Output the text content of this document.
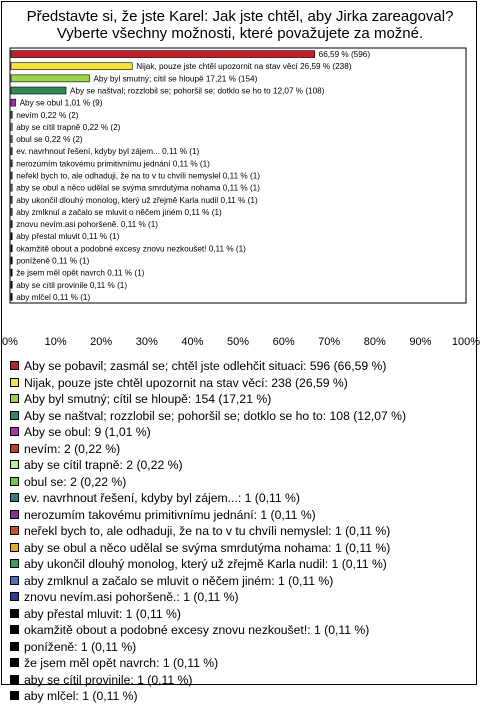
Představte si, že jste Karel: Jak jste chtěl, aby Jirka zareagoval?
Vyberte všechny možnosti, které považujete za možné.
66,59 % (596)
Nijak, pouze jste chtěl upozornit na stav věcí 26,59 % (238)
Aby byl smutný; cítil se hloupě 17,21 % (154)
Aby se naštval; rozzlobil se; pohoršil se; dotklo se ho to 12,07 % (108)
Aby se obul 1,01 % (9)
nevím 0,22 % (2)
aby se cítil trapně 0,22 % (2)
obul se 0,22 % (2)
ev. navrhnout řešení, kdyby byl zájem... 0,11 % (1)
nerozumím takovému primitivnímu jednání 0,11 % (1)
neřekl bych to, ale odhaduji, že na to v tu chvíli nemyslel 0,11 % (1)
aby se obul a něco udělal se svýma smrdutýma nohama 0,11 % (1)
aby ukončil dlouhý monolog, který už zřejmě Karla nudil 0,11 % (1)
aby zmlknul a začalo se mluvit o něčem jiném 0,11 % (1)
znovu nevím.asi pohoršeně. 0,11 % (1)
aby přestal mluvit 0,11 % (1)
okamžitě obout a podobné excesy znovu nezkoušet! 0,11 % (1)
poníženě 0,11 % (1)
že jsem měl opět navrch 0,11 % (1)
aby se cítil provinile 0,11 % (1)
aby mlčel 0,11 % (1)
0% 10% 20% 30% 40% 50% 60% 70% 80% 90% 100%
Aby se pobavil; zasmál se; chtěl jste odlehčit situaci: 596 (66,59 %)
Nijak, pouze jste chtěl upozornit na stav věcí: 238 (26,59 %)
Aby byl smutný; cítil se hloupě: 154 (17,21 %)
Aby se naštval; rozzlobil se; pohoršil se; dotklo se ho to: 108 (12,07 %)
Aby se obul: 9 (1,01 %)
nevím: 2 (0,22 %)
aby se cítil trapně: 2 (0,22 %)
obul se: 2 (0,22 %)
ev. navrhnout řešení, kdyby byl zájem...: 1 (0,11 %)
nerozumím takovému primitivnímu jednání: 1 (0,11 %)
neřekl bych to, ale odhaduji, že na to v tu chvíli nemyslel: 1 (0,11 %)
aby se obul a něco udělal se svýma smrdutýma nohama: 1 (0,11 %)
aby ukončil dlouhý monolog, který už zřejmě Karla nudil: 1 (0,11 %)
aby zmlknul a začalo se mluvit o něčem jiném: 1 (0,11 %)
znovu nevím.asi pohoršeně.: 1 (0,11 %)
aby přestal mluvit: 1 (0,11 %)
okamžitě obout a podobné excesy znovu nezkoušet!: 1 (0,11 %)
poníženě: 1 (0,11 %)
že jsem měl opět navrch: 1 (0,11 %)
aby se cítil provinile: 1 (0,11 %)
aby mlčel: 1 (0,11 %)
